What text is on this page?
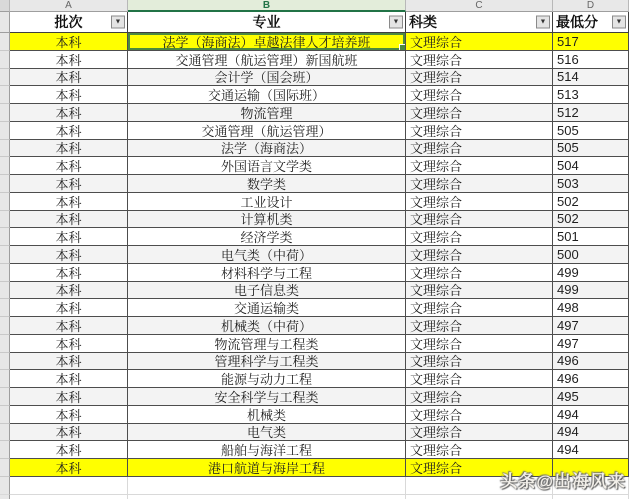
A	B	C	D
批次	▼	专业	▼ 科类	▼ 最低分	▼
本科	法学（海商法）卓越法律人才培养班	文理综合	517
本科	交通管理（航运管理）新国航班	文理综合	516
本科	会计学（国会班）	文理综合	514
本科	交通运输（国际班）	文理综合	513
本科	物流管理	文理综合	512
本科	交通管理（航运管理）	文理综合	505
本科	法学（海商法）	文理综合	505
本科	外国语言文学类	文理综合	504
本科	数学类	文理综合	503
本科	工业设计	文理综合	502
本科	计算机类	文理综合	502
本科	经济学类	文理综合	501
本科	电气类（中荷）	文理综合	500
本科	材料科学与工程	文理综合	499
本科	电子信息类	文理综合	499
本科	交通运输类	文理综合	498
本科	机械类（中荷）	文理综合	497
本科	物流管理与工程类	文理综合	497
本科	管理科学与工程类	文理综合	496
本科	能源与动力工程	文理综合	496
本科	安全科学与工程类	文理综合	495
本科	机械类	文理综合	494
本科	电气类	文理综合	494
本科	船舶与海洋工程	文理综合	494
本科	港口航道与海岸工程	文理综合
头条@出海风来
